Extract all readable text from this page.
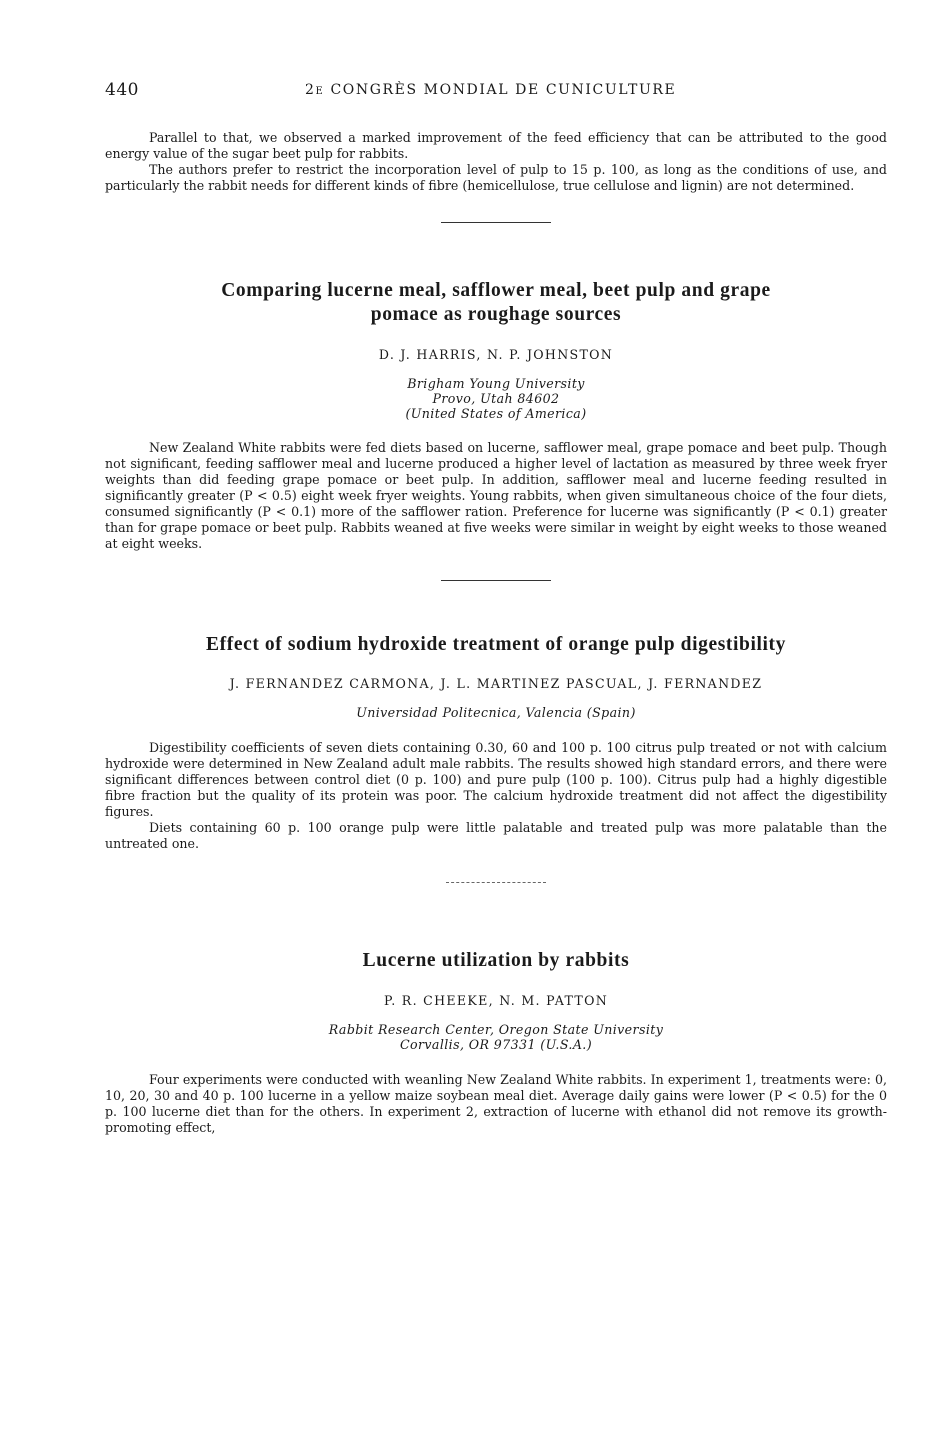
440	2e CONGRÈS MONDIAL DE CUNICULTURE

Parallel to that, we observed a marked improvement of the feed efficiency that can be attributed to the good energy value of the sugar beet pulp for rabbits.

The authors prefer to restrict the incorporation level of pulp to 15 p. 100, as long as the conditions of use, and particularly the rabbit needs for different kinds of fibre (hemicellulose, true cellulose and lignin) are not determined.

Comparing lucerne meal, safflower meal, beet pulp and grape pomace as roughage sources

D. J. HARRIS, N. P. JOHNSTON

Brigham Young University

Provo, Utah 84602

(United States of America)

New Zealand White rabbits were fed diets based on lucerne, safflower meal, grape pomace and beet pulp. Though not significant, feeding safflower meal and lucerne produced a higher level of lactation as measured by three week fryer weights than did feeding grape pomace or beet pulp. In addition, safflower meal and lucerne feeding resulted in significantly greater (P < 0.5) eight week fryer weights. Young rabbits, when given simultaneous choice of the four diets, consumed significantly (P < 0.1) more of the safflower ration. Preference for lucerne was significantly (P < 0.1) greater than for grape pomace or beet pulp. Rabbits weaned at five weeks were similar in weight by eight weeks to those weaned at eight weeks.

Effect of sodium hydroxide treatment of orange pulp digestibility

J. FERNANDEZ CARMONA, J. L. MARTINEZ PASCUAL, J. FERNANDEZ

Universidad Politecnica, Valencia (Spain)

Digestibility coefficients of seven diets containing 0.30, 60 and 100 p. 100 citrus pulp treated or not with calcium hydroxide were determined in New Zealand adult male rabbits. The results showed high standard errors, and there were significant differences between control diet (0 p. 100) and pure pulp (100 p. 100). Citrus pulp had a highly digestible fibre fraction but the quality of its protein was poor. The calcium hydroxide treatment did not affect the digestibility figures.

Diets containing 60 p. 100 orange pulp were little palatable and treated pulp was more palatable than the untreated one.

Lucerne utilization by rabbits

P. R. CHEEKE, N. M. PATTON

Rabbit Research Center, Oregon State University

Corvallis, OR 97331 (U.S.A.)

Four experiments were conducted with weanling New Zealand White rabbits. In experiment 1, treatments were: 0, 10, 20, 30 and 40 p. 100 lucerne in a yellow maize soybean meal diet. Average daily gains were lower (P < 0.5) for the 0 p. 100 lucerne diet than for the others. In experiment 2, extraction of lucerne with ethanol did not remove its growth-promoting effect,
